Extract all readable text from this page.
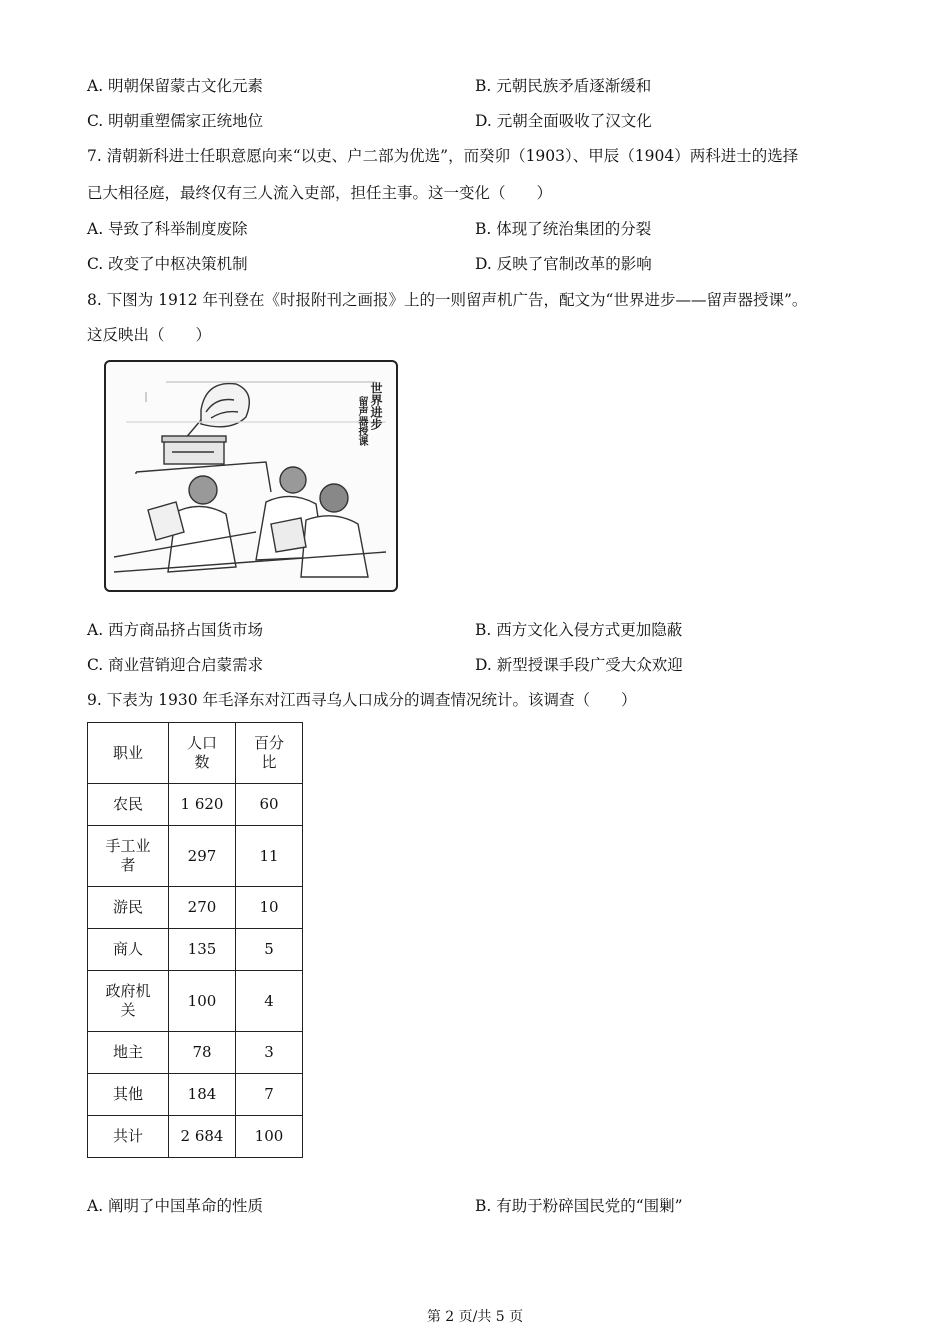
A. 明朝保留蒙古文化元素	B. 元朝民族矛盾逐渐缓和
C. 明朝重塑儒家正统地位	D. 元朝全面吸收了汉文化
7. 清朝新科进士任职意愿向来“以吏、户二部为优选”，而癸卯（1903）、甲辰（1904）两科进士的选择
已大相径庭，最终仅有三人流入吏部，担任主事。这一变化（　　）
A. 导致了科举制度废除	B. 体现了统治集团的分裂
C. 改变了中枢决策机制	D. 反映了官制改革的影响
8. 下图为 1912 年刊登在《时报附刊之画报》上的一则留声机广告，配文为“世界进步——留声器授课”。
这反映出（　　）
世界进步
留声器授课
A. 西方商品挤占国货市场	B. 西方文化入侵方式更加隐蔽
C. 商业营销迎合启蒙需求	D. 新型授课手段广受大众欢迎
9. 下表为 1930 年毛泽东对江西寻乌人口成分的调查情况统计。该调查（　　）
职业	人口数	百分比

农民	1 620	60

手工业者	297	11
游民	270	10
商人	135	5

政府机关	100	4
地主	78	3
其他	184	7
共计	2 684	100
A. 阐明了中国革命的性质	B. 有助于粉碎国民党的“围剿”
第 2 页/共 5 页
